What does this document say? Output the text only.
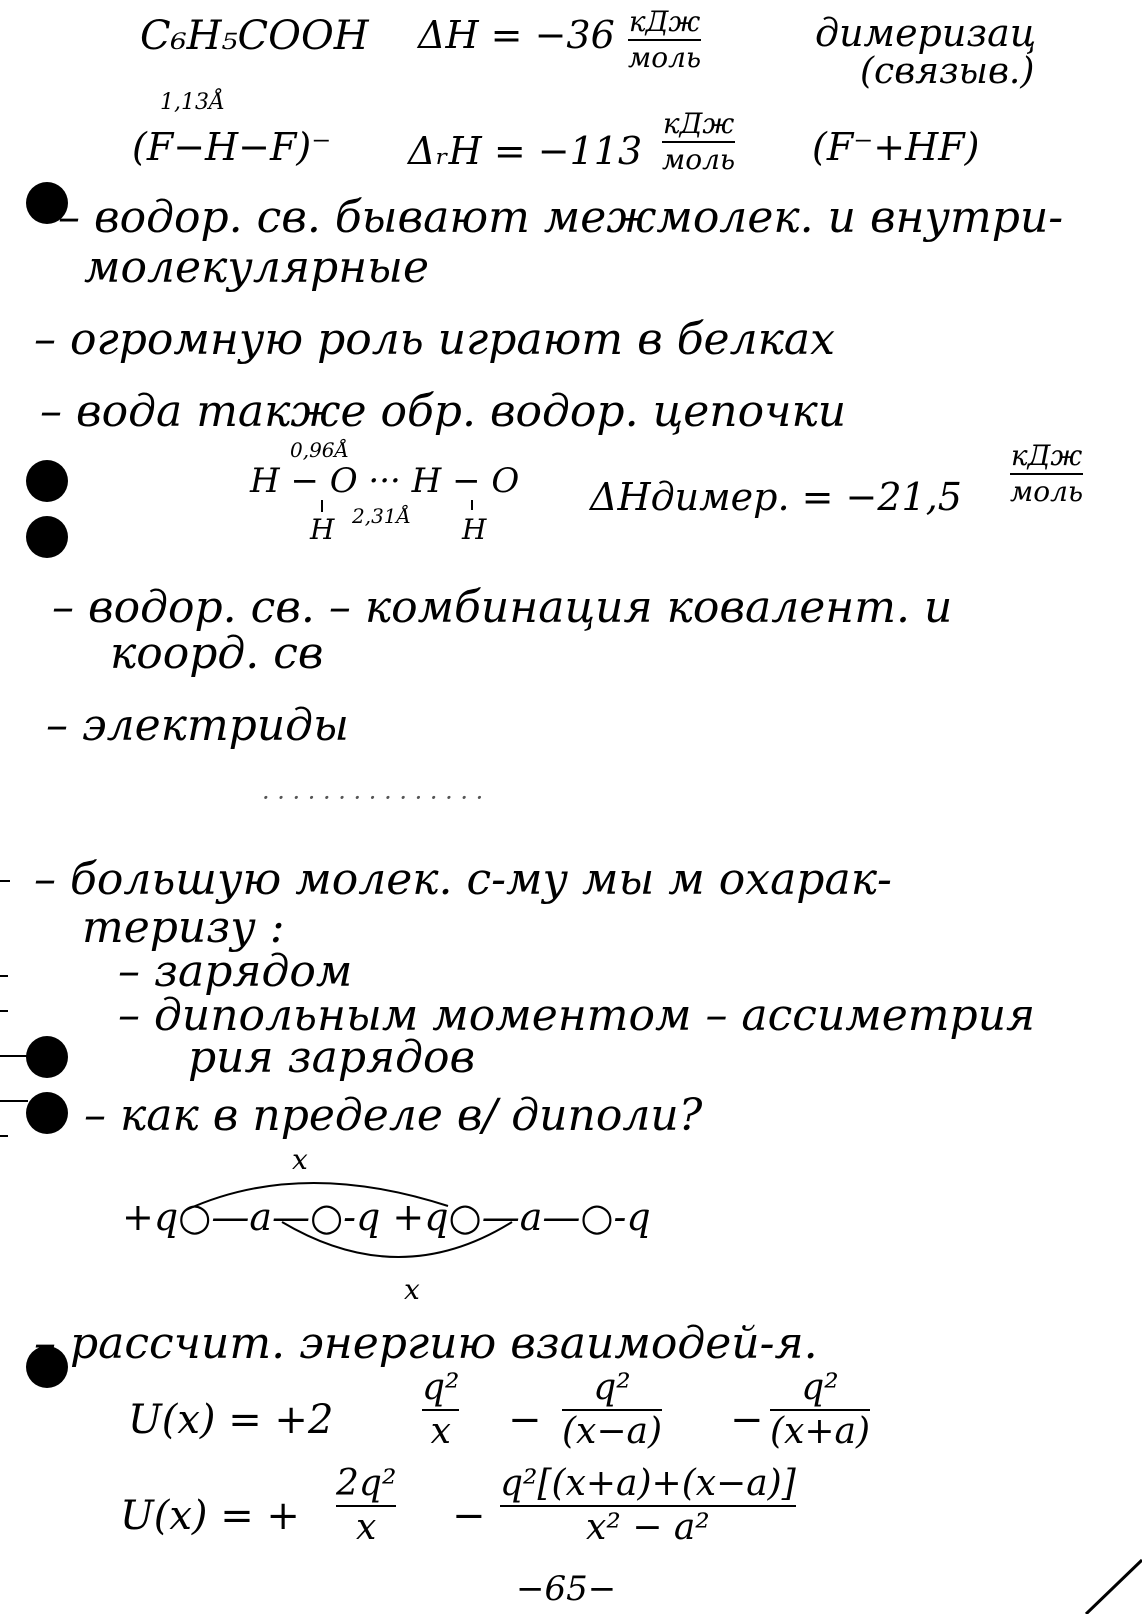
C₆H₅COOH ΔH = −36 кДж
моль
димеризац
(связыв.)
1,13Å
(F−H−F)⁻ ΔᵣH = −113
кДж
моль (F⁻+HF)
– водор. св. бывают межмолек. и внутри-
молекулярные
– огромную роль играют в белках
– вода также обр. водор. цепочки
0,96Å
H − O ··· H − O
H 2,31Å H
ΔHдимер. = −21,5
кДж
моль
– водор. св. – комбинация ковалент. и
коорд. св
– электриды
· · · · · · · · · · · · · · ·
– большую молек. с-му мы м охарак-
теризу :
– зарядом
– дипольным моментом – ассиметрия
рия зарядов
– как в пределе в/ диполи?
x
+q○—a—○-q +q○—a—○-q
x
– рассчит. энергию взаимодей-я.
U(x) = +2
q²
x −
q²
(x−a) −
q²
(x+a)
U(x) = +
2q²
x −
q²[(x+a)+(x−a)]
x² − a²
−65−
